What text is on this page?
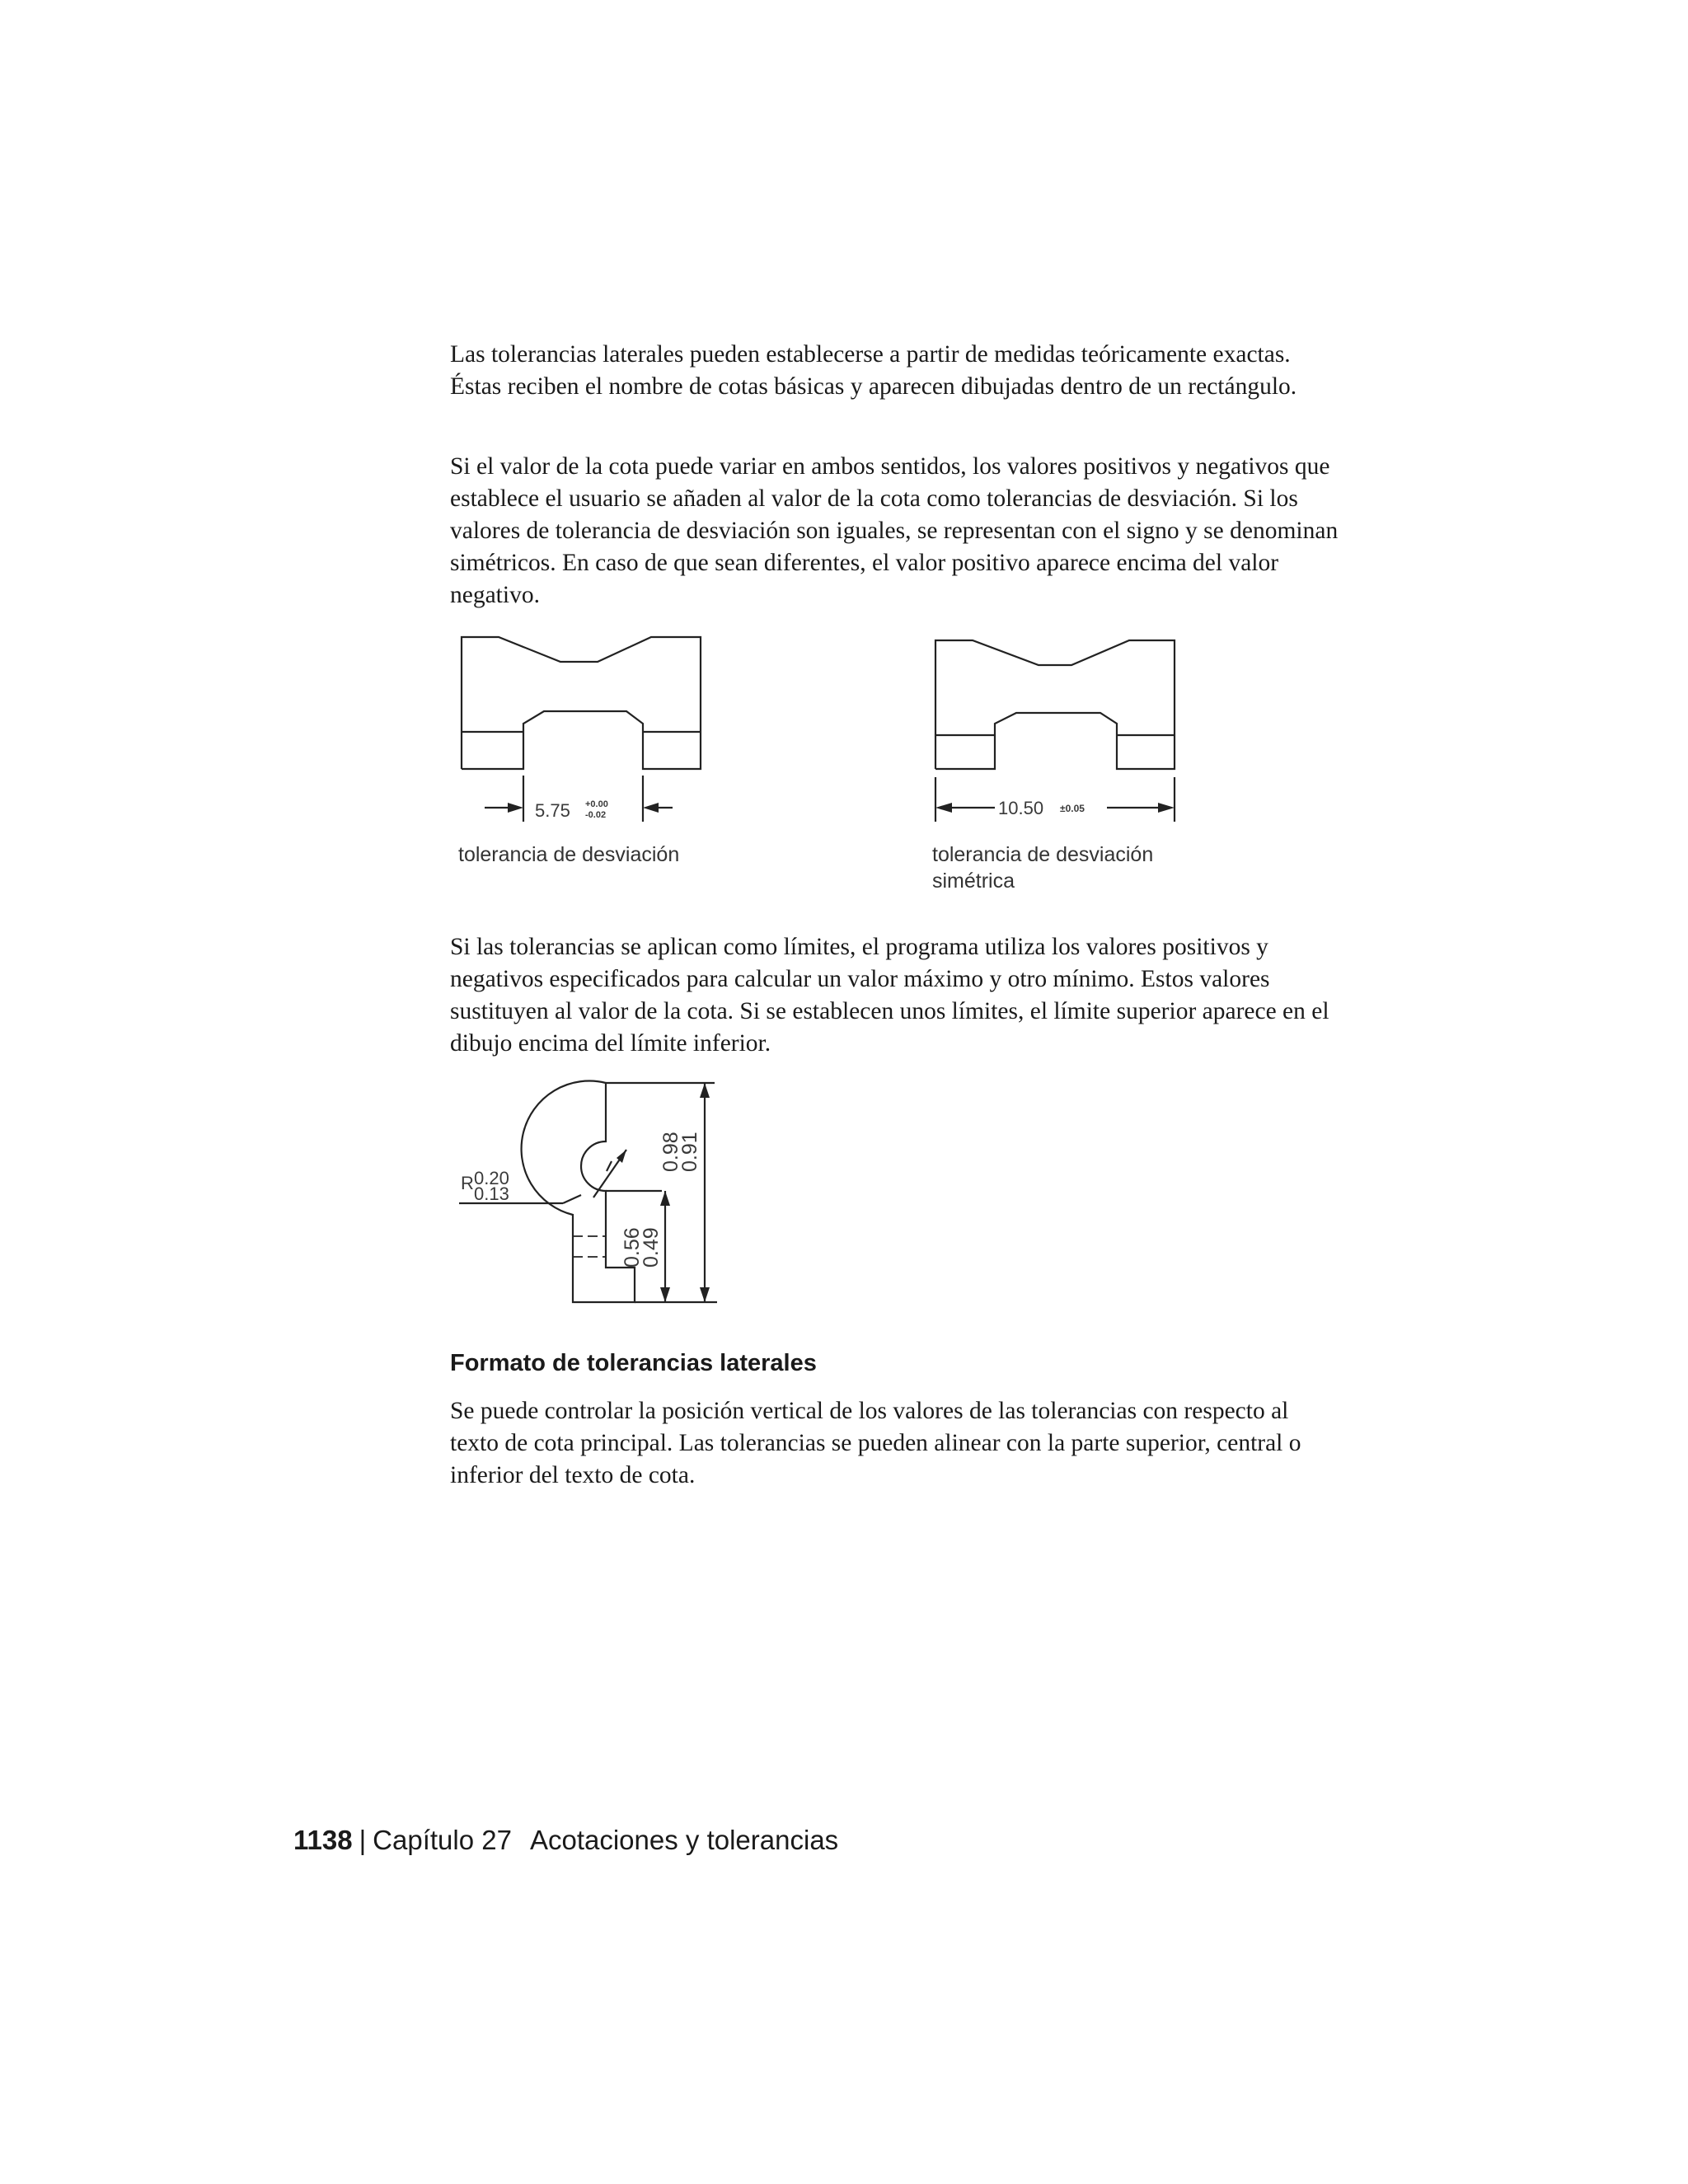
Las tolerancias laterales pueden establecerse a partir de medidas teóricamente exactas. Éstas reciben el nombre de cotas básicas y aparecen dibujadas dentro de un rectángulo.

Si el valor de la cota puede variar en ambos sentidos, los valores positivos y negativos que establece el usuario se añaden al valor de la cota como tolerancias de desviación. Si los valores de tolerancia de desviación son iguales, se representan con el signo y se denominan simétricos. En caso de que sean diferentes, el valor positivo aparece encima del valor negativo.

5.75 +0.00
-0.02
tolerancia de desviación
10.50 ±0.05
tolerancia de desviación
simétrica

Si las tolerancias se aplican como límites, el programa utiliza los valores positivos y negativos especificados para calcular un valor máximo y otro mínimo. Estos valores sustituyen al valor de la cota. Si se establecen unos límites, el límite superior aparece en el dibujo encima del límite inferior.

R 0.20
0.13
0.98
0.91
0.56
0.49
Formato de tolerancias laterales

Se puede controlar la posición vertical de los valores de las tolerancias con respecto al texto de cota principal. Las tolerancias se pueden alinear con la parte superior, central o inferior del texto de cota.

1138 | Capítulo 27 Acotaciones y tolerancias
